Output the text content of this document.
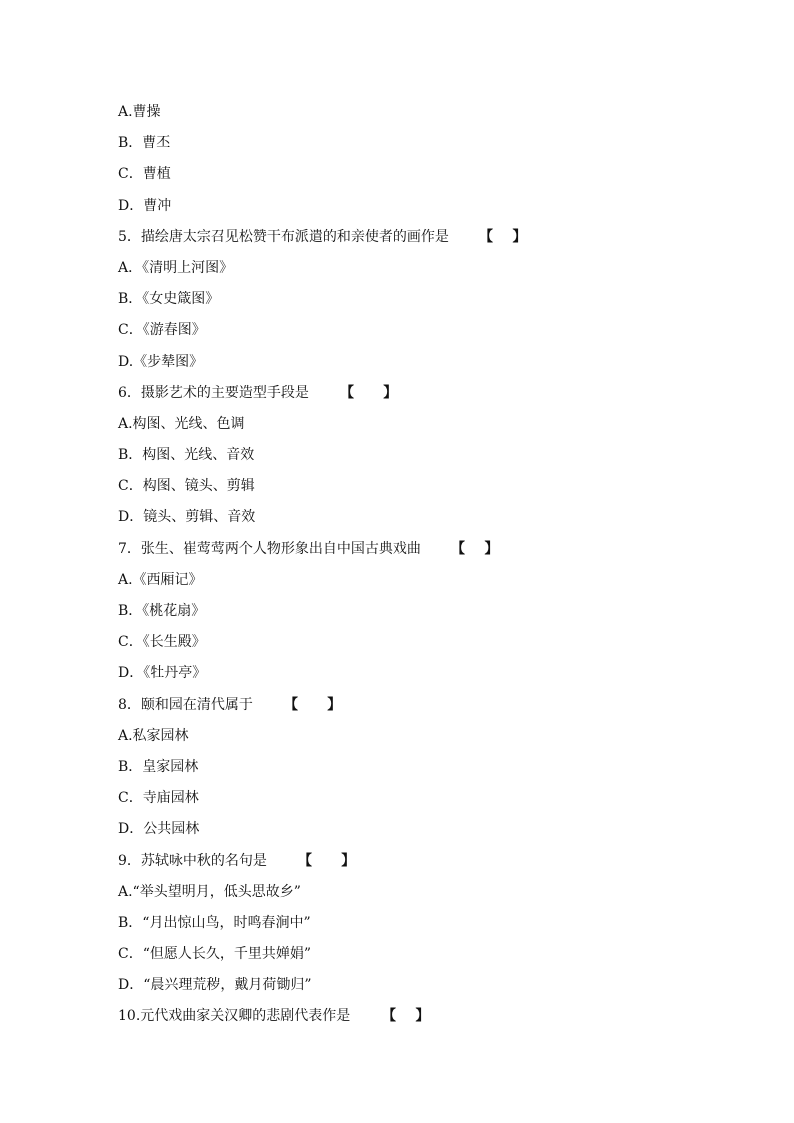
A.曹操
B．曹丕
C．曹植
D．曹冲
5．描绘唐太宗召见松赞干布派遣的和亲使者的画作是 【    】
A．《清明上河图》
B．《女史箴图》
C．《游春图》
D.《步辇图》
6．摄影艺术的主要造型手段是 【      】
A.构图、光线、色调
B．构图、光线、音效
C．构图、镜头、剪辑
D．镜头、剪辑、音效
7．张生、崔莺莺两个人物形象出自中国古典戏曲 【    】
A.《西厢记》
B．《桃花扇》
C．《长生殿》
D．《牡丹亭》
8．颐和园在清代属于 【      】
A.私家园林
B．皇家园林
C．寺庙园林
D．公共园林
9．苏轼咏中秋的名句是 【      】
A.“举头望明月，低头思故乡”
B．“月出惊山鸟，时鸣春涧中”
C．“但愿人长久，千里共婵娟”
D．“晨兴理荒秽，戴月荷锄归”
10.元代戏曲家关汉卿的悲剧代表作是 【    】
